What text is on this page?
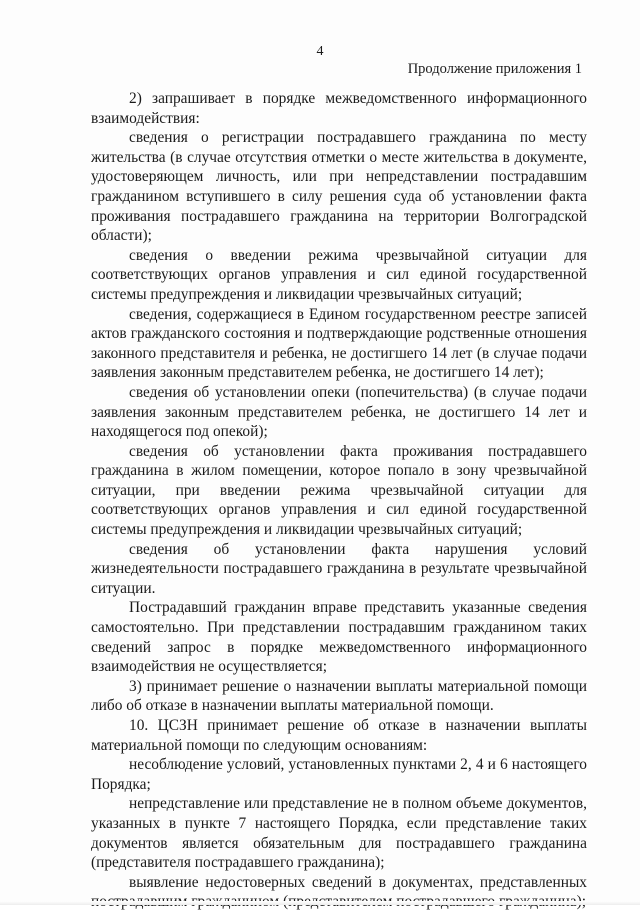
4
Продолжение приложения 1

2) запрашивает в порядке межведомственного информационного взаимодействия:

сведения о регистрации пострадавшего гражданина по месту жительства (в случае отсутствия отметки о месте жительства в документе, удостоверяющем личность, или при непредставлении пострадавшим гражданином вступившего в силу решения суда об установлении факта проживания пострадавшего гражданина на территории Волгоградской области);

сведения о введении режима чрезвычайной ситуации для соответствующих органов управления и сил единой государственной системы предупреждения и ликвидации чрезвычайных ситуаций;

сведения, содержащиеся в Едином государственном реестре записей актов гражданского состояния и подтверждающие родственные отношения законного представителя и ребенка, не достигшего 14 лет (в случае подачи заявления законным представителем ребенка, не достигшего 14 лет);

сведения об установлении опеки (попечительства) (в случае подачи заявления законным представителем ребенка, не достигшего 14 лет и находящегося под опекой);

сведения об установлении факта проживания пострадавшего гражданина в жилом помещении, которое попало в зону чрезвычайной ситуации, при введении режима чрезвычайной ситуации для соответствующих органов управления и сил единой государственной системы предупреждения и ликвидации чрезвычайных ситуаций;

сведения об установлении факта нарушения условий жизнедеятельности пострадавшего гражданина в результате чрезвычайной ситуации.

Пострадавший гражданин вправе представить указанные сведения самостоятельно. При представлении пострадавшим гражданином таких сведений запрос в порядке межведомственного информационного взаимодействия не осуществляется;

3) принимает решение о назначении выплаты материальной помощи либо об отказе в назначении выплаты материальной помощи.

10. ЦСЗН принимает решение об отказе в назначении выплаты материальной помощи по следующим основаниям:

несоблюдение условий, установленных пунктами 2, 4 и 6 настоящего Порядка;

непредставление или представление не в полном объеме документов, указанных в пункте 7 настоящего Порядка, если представление таких документов является обязательным для пострадавшего гражданина (представителя пострадавшего гражданина);

выявление недостоверных сведений в документах, представленных
